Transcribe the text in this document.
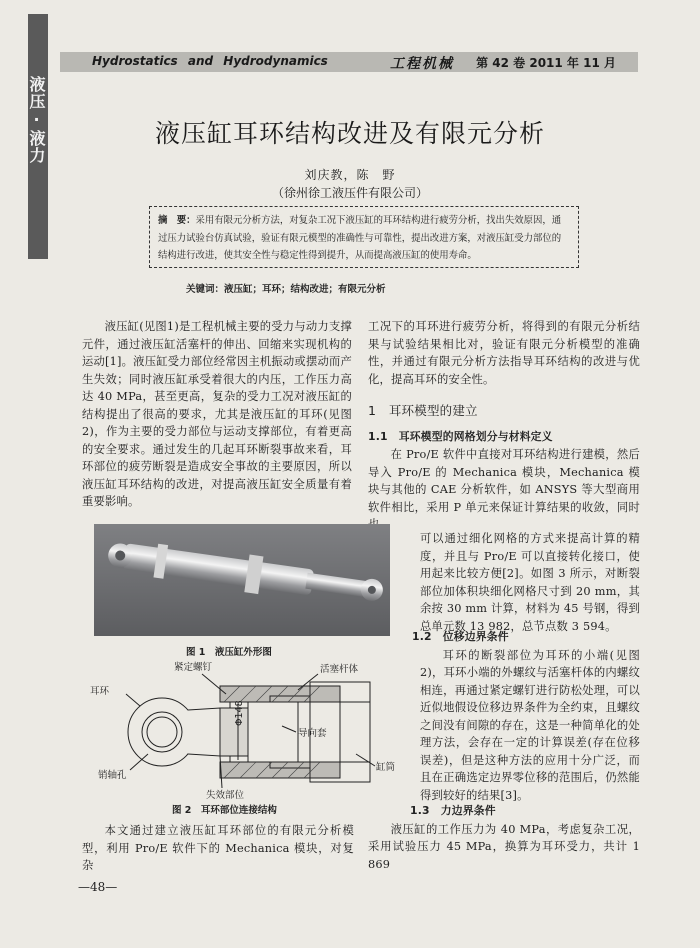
液压·液力
Hydrostatics and Hydrodynamics	工程机械 第 42 卷 2011 年 11 月
液压缸耳环结构改进及有限元分析
刘庆教，陈　野
（徐州徐工液压件有限公司）
摘　要：采用有限元分析方法，对复杂工况下液压缸的耳环结构进行疲劳分析，找出失效原因，通过压力试验台仿真试验，验证有限元模型的准确性与可靠性，提出改进方案，对液压缸受力部位的结构进行改进，使其安全性与稳定性得到提升，从而提高液压缸的使用寿命。
关键词：液压缸；耳环；结构改进；有限元分析

液压缸(见图1)是工程机械主要的受力与动力支撑元件，通过液压缸活塞杆的伸出、回缩来实现机构的运动[1]。液压缸受力部位经常因主机振动或摆动而产生失效；同时液压缸承受着很大的内压，工作压力高达 40 MPa，甚至更高，复杂的受力工况对液压缸的结构提出了很高的要求，尤其是液压缸的耳环(见图2)，作为主要的受力部位与运动支撑部位，有着更高的安全要求。通过发生的几起耳环断裂事故来看，耳环部位的疲劳断裂是造成安全事故的主要原因，所以液压缸耳环结构的改进，对提高液压缸安全质量有着重要影响。

工况下的耳环进行疲劳分析，将得到的有限元分析结果与试验结果相比对，验证有限元分析模型的准确性，并通过有限元分析方法指导耳环结构的改进与优化，提高耳环的安全性。

1　耳环模型的建立
1.1　耳环模型的网格划分与材料定义

在 Pro/E 软件中直接对耳环结构进行建模，然后导入 Pro/E 的 Mechanica 模块，Mechanica 模块与其他的 CAE 分析软件，如 ANSYS 等大型商用软件相比，采用 P 单元来保证计算结果的收敛，同时

可以通过细化网格的方式来提高计算的精度，并且与 Pro/E 可以直接转化接口，使用起来比较方便[2]。如图 3 所示，对断裂部位加体积块细化网格尺寸到 20 mm，其余按 30 mm 计算，材料为 45 号钢，得到总单元数 13 982，总节点数 3 594。

1.2　位移边界条件

耳环的断裂部位为耳环的小端(见图2)，耳环小端的外螺纹与活塞杆体的内螺纹相连，再通过紧定螺钉进行防松处理，可以近似地假设位移边界条件为全约束，且螺纹之间没有间隙的存在，这是一种简单化的处理方法，会存在一定的计算误差(存在位移误差)，但是这种方法的应用十分广泛，而且在正确选定边界零位移的范围后，仍然能得到较好的结果[3]。

图 1　液压缸外形图
紧定螺钉
耳环
活塞杆体
Φ148
导向套
销轴孔
缸筒
失效部位
图 2　耳环部位连接结构

本文通过建立液压缸耳环部位的有限元分析模型，利用 Pro/E 软件下的 Mechanica 模块，对复杂

1.3　力边界条件

液压缸的工作压力为 40 MPa，考虑复杂工况，采用试验压力 45 MPa，换算为耳环受力，共计 1 869

—48—
